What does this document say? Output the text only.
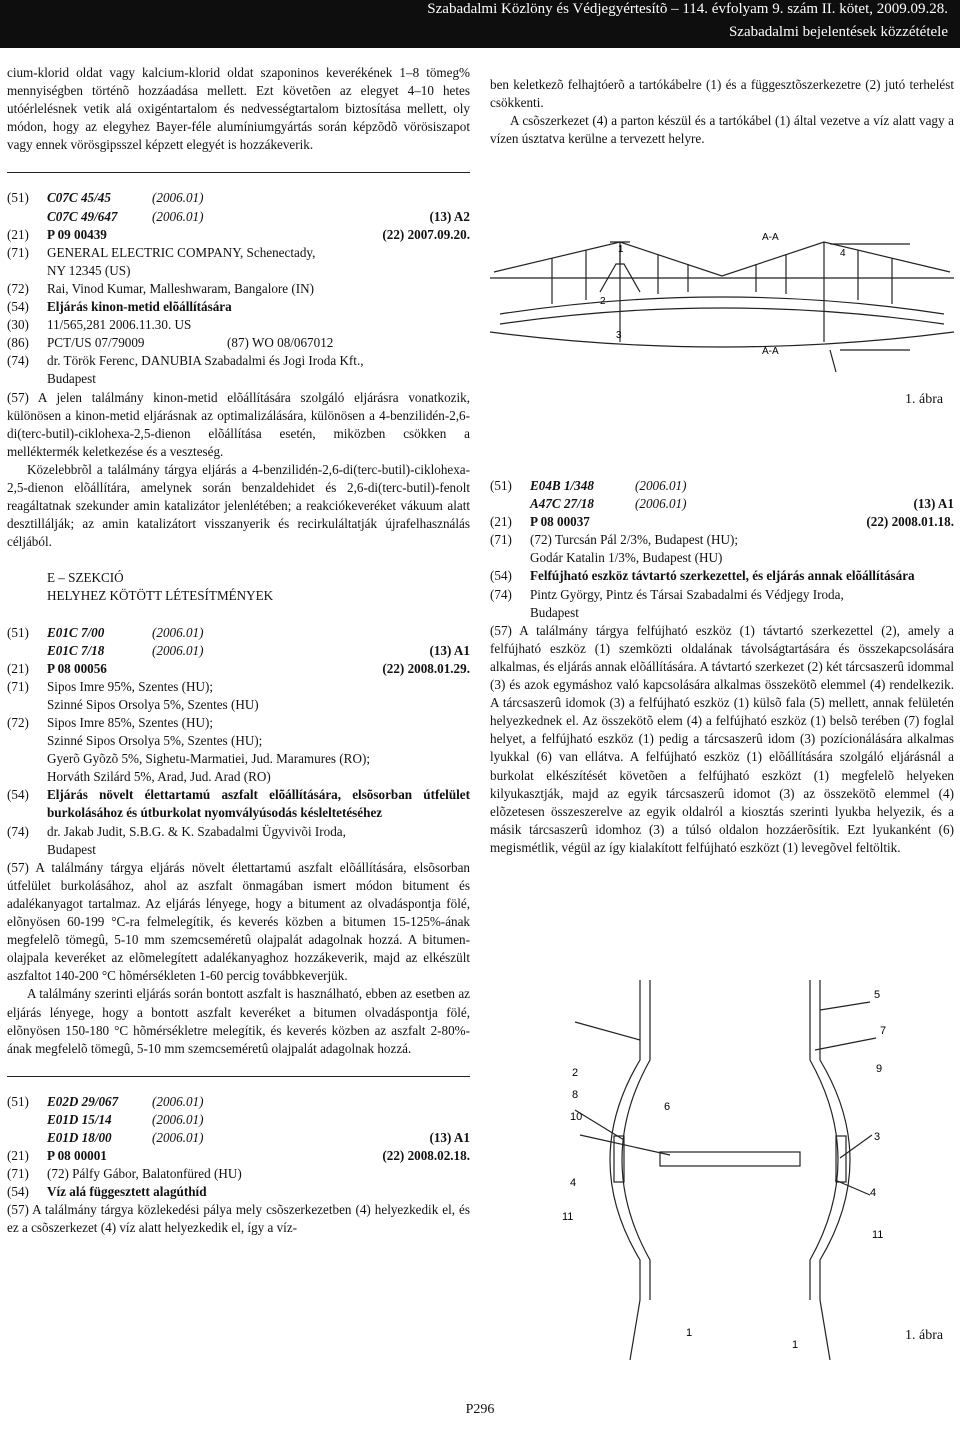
Szabadalmi Közlöny és Védjegyértesítõ – 114. évfolyam 9. szám II. kötet, 2009.09.28.
Szabadalmi bejelentések közzététele

cium-klorid oldat vagy kalcium-klorid oldat szaponinos keverékének 1–8 tömeg% mennyiségben történõ hozzáadása mellett. Ezt követõen az elegyet 4–10 hetes utóérlelésnek vetik alá oxigéntartalom és nedvességtartalom biztosítása mellett, oly módon, hogy az elegyhez Bayer-féle alumíniumgyártás során képzõdõ vörösiszapot vagy ennek vörösgipsszel képzett elegyét is hozzákeverik.

(51)	C07C 45/45	(2006.01)
C07C 49/647	(2006.01)	(13) A2
(21)	P 09 00439	(22) 2007.09.20.
(71)	GENERAL ELECTRIC COMPANY, Schenectady,
NY 12345 (US)
(72)	Rai, Vinod Kumar, Malleshwaram, Bangalore (IN)
(54)	Eljárás kinon-metid elõállítására
(30)	11/565,281 2006.11.30. US
(86)	PCT/US 07/79009	(87) WO 08/067012
(74)	dr. Török Ferenc, DANUBIA Szabadalmi és Jogi Iroda Kft.,
Budapest

(57) A jelen találmány kinon-metid elõállítására szolgáló eljárásra vonatkozik, különösen a kinon-metid eljárásnak az optimalizálására, különösen a 4-benzilidén-2,6-di(terc-butil)-ciklohexa-2,5-dienon elõállítása esetén, miközben csökken a melléktermék keletkezése és a veszteség.

Közelebbrõl a találmány tárgya eljárás a 4-benzilidén-2,6-di(terc-butil)-ciklohexa-2,5-dienon elõállítára, amelynek során benzaldehidet és 2,6-di(terc-butil)-fenolt reagáltatnak szekunder amin katalizátor jelenlétében; a reakciókeveréket vákuum alatt desztillálják; az amin katalizátort visszanyerik és recirkuláltatják újrafelhasználás céljából.

E – SZEKCIÓ

HELYHEZ KÖTÖTT LÉTESÍTMÉNYEK

(51)	E01C 7/00	(2006.01)
E01C 7/18	(2006.01)	(13) A1
(21)	P 08 00056	(22) 2008.01.29.
(71)	Sipos Imre 95%, Szentes (HU);
Szinné Sipos Orsolya 5%, Szentes (HU)
(72)	Sipos Imre 85%, Szentes (HU);
Szinné Sipos Orsolya 5%, Szentes (HU);
Gyerõ Gyõzõ 5%, Sighetu-Marmatiei, Jud. Maramures (RO);
Horváth Szilárd 5%, Arad, Jud. Arad (RO)
(54)	Eljárás növelt élettartamú aszfalt elõállítására, elsõsorban útfelület burkolásához és útburkolat nyomvályúsodás késleltetéséhez
(74)	dr. Jakab Judit, S.B.G. & K. Szabadalmi Ügyvivõi Iroda,
Budapest

(57) A találmány tárgya eljárás növelt élettartamú aszfalt elõállítására, elsõsorban útfelület burkolásához, ahol az aszfalt önmagában ismert módon bitument és adalékanyagot tartalmaz. Az eljárás lényege, hogy a bitument az olvadáspontja fölé, elõnyösen 60-199 °C-ra felmelegítik, és keverés közben a bitumen 15-125%-ának megfelelõ tömegû, 5-10 mm szemcseméretû olajpalát adagolnak hozzá. A bitumen-olajpala keveréket az elõmelegített adalékanyaghoz hozzákeverik, majd az elkészült aszfaltot 140-200 °C hõmérsékleten 1-60 percig továbbkeverjük.

A találmány szerinti eljárás során bontott aszfalt is használható, ebben az esetben az eljárás lényege, hogy a bontott aszfalt keveréket a bitumen olvadáspontja fölé, elõnyösen 150-180 °C hõmérsékletre melegítik, és keverés közben az aszfalt 2-80%-ának megfelelõ tömegû, 5-10 mm szemcseméretû olajpalát adagolnak hozzá.

(51)	E02D 29/067	(2006.01)
E01D 15/14	(2006.01)
E01D 18/00	(2006.01)	(13) A1
(21)	P 08 00001	(22) 2008.02.18.
(71)	(72) Pálfy Gábor, Balatonfüred (HU)
(54)	Víz alá függesztett alagúthíd

(57) A találmány tárgya közlekedési pálya mely csõszerkezetben (4) helyezkedik el, és ez a csõszerkezet (4) víz alatt helyezkedik el, így a víz-

ben keletkezõ felhajtóerõ a tartókábelre (1) és a függesztõszerkezetre (2) jutó terhelést csökkenti.

A csõszerkezet (4) a parton készül és a tartókábel (1) által vezetve a víz alatt vagy a vízen úsztatva kerülne a tervezett helyre.

1
2
3
4
A-A
A-A
1. ábra
(51)	E04B 1/348	(2006.01)
A47C 27/18	(2006.01)	(13) A1
(21)	P 08 00037	(22) 2008.01.18.
(71)	(72) Turcsán Pál 2/3%, Budapest (HU);
Godár Katalin 1/3%, Budapest (HU)
(54)	Felfújható eszköz távtartó szerkezettel, és eljárás annak elõállítására
(74)	Pintz György, Pintz és Társai Szabadalmi és Védjegy Iroda,
Budapest

(57) A találmány tárgya felfújható eszköz (1) távtartó szerkezettel (2), amely a felfújható eszköz (1) szemközti oldalának távolságtartására és összekapcsolására alkalmas, és eljárás annak elõállítására. A távtartó szerkezet (2) két tárcsaszerû idommal (3) és azok egymáshoz való kapcsolására alkalmas összekötõ elemmel (4) rendelkezik. A tárcsaszerû idomok (3) a felfújható eszköz (1) külsõ fala (5) mellett, annak felületén helyezkednek el. Az összekötõ elem (4) a felfújható eszköz (1) belsõ terében (7) foglal helyet, a felfújható eszköz (1) pedig a tárcsaszerû idom (3) pozícionálására alkalmas lyukkal (6) van ellátva. A felfújható eszköz (1) elõállítására szolgáló eljárásnál a burkolat elkészítését követõen a felfújható eszközt (1) megfelelõ helyeken kilyukasztják, majd az egyik tárcsaszerû idomot (3) az összekötõ elemmel (4) elõzetesen összeszerelve az egyik oldalról a kiosztás szerinti lyukba helyezik, és a másik tárcsaszerû idomhoz (3) a túlsó oldalon hozzáerõsítik. Ezt lyukanként (6) megismétlik, végül az így kialakított felfújható eszközt (1) levegõvel feltöltik.

5
7
9
2
8
10
6
3
4
4
11
11
1
1
1. ábra
P296
